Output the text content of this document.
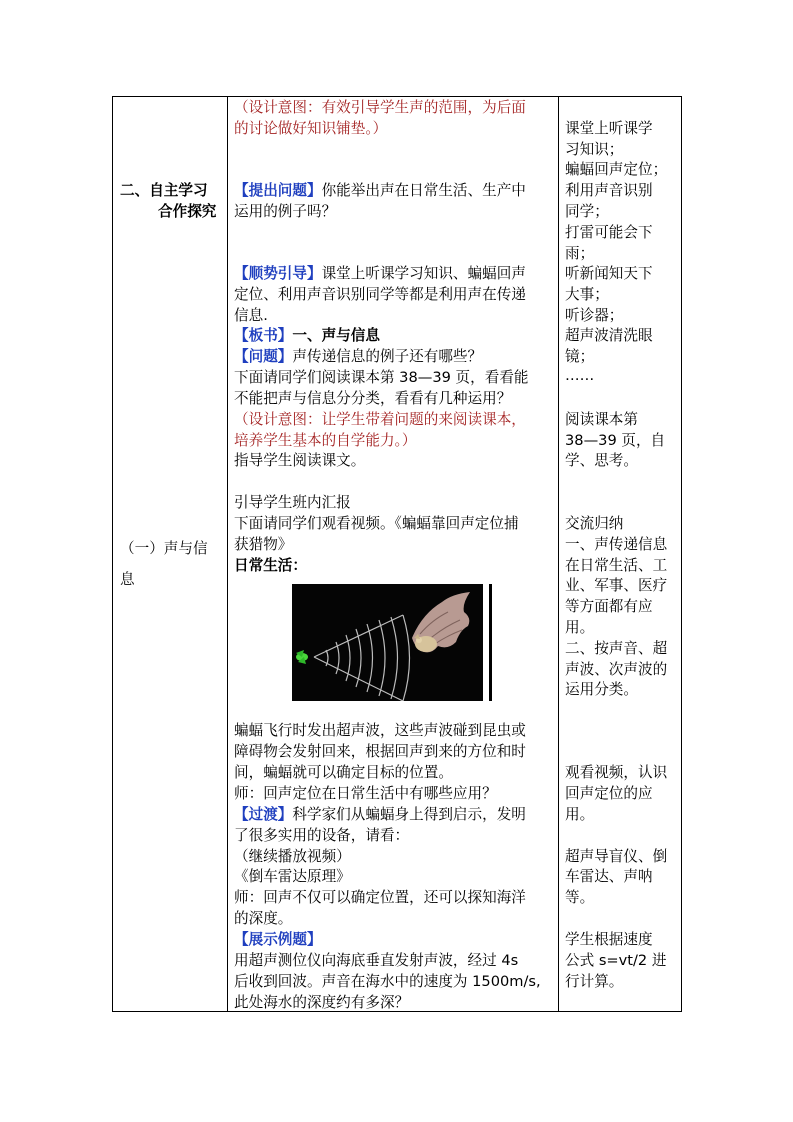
二、自主学习
合作探究
（一）声与信
息
（设计意图：有效引导学生声的范围，为后面
的讨论做好知识铺垫。）
【提出问题】你能举出声在日常生活、生产中
运用的例子吗？
【顺势引导】课堂上听课学习知识、蝙蝠回声
定位、利用声音识别同学等都是利用声在传递
信息.
【板书】一、声与信息
【问题】声传递信息的例子还有哪些？
下面请同学们阅读课本第 38—39 页，看看能
不能把声与信息分分类，看看有几种运用？
（设计意图：让学生带着问题的来阅读课本，
培养学生基本的自学能力。）
指导学生阅读课文。
引导学生班内汇报
下面请同学们观看视频。《蝙蝠靠回声定位捕
获猎物》
日常生活：
蝙蝠飞行时发出超声波，这些声波碰到昆虫或
障碍物会发射回来，根据回声到来的方位和时
间，蝙蝠就可以确定目标的位置。
师：回声定位在日常生活中有哪些应用？
【过渡】科学家们从蝙蝠身上得到启示，发明
了很多实用的设备，请看：
（继续播放视频）
《倒车雷达原理》
师：回声不仅可以确定位置，还可以探知海洋
的深度。
【展示例题】
用超声测位仪向海底垂直发射声波，经过 4s
后收到回波。声音在海水中的速度为 1500m/s,
此处海水的深度约有多深？
课堂上听课学
习知识；
蝙蝠回声定位；
利用声音识别
同学；
打雷可能会下
雨；
听新闻知天下
大事；
听诊器；
超声波清洗眼
镜；
……
阅读课本第
38—39 页，自
学、思考。
交流归纳
一、声传递信息
在日常生活、工
业、军事、医疗
等方面都有应
用。
二、按声音、超
声波、次声波的
运用分类。
观看视频，认识
回声定位的应
用。
超声导盲仪、倒
车雷达、声呐
等。
学生根据速度
公式 s=vt/2 进
行计算。
